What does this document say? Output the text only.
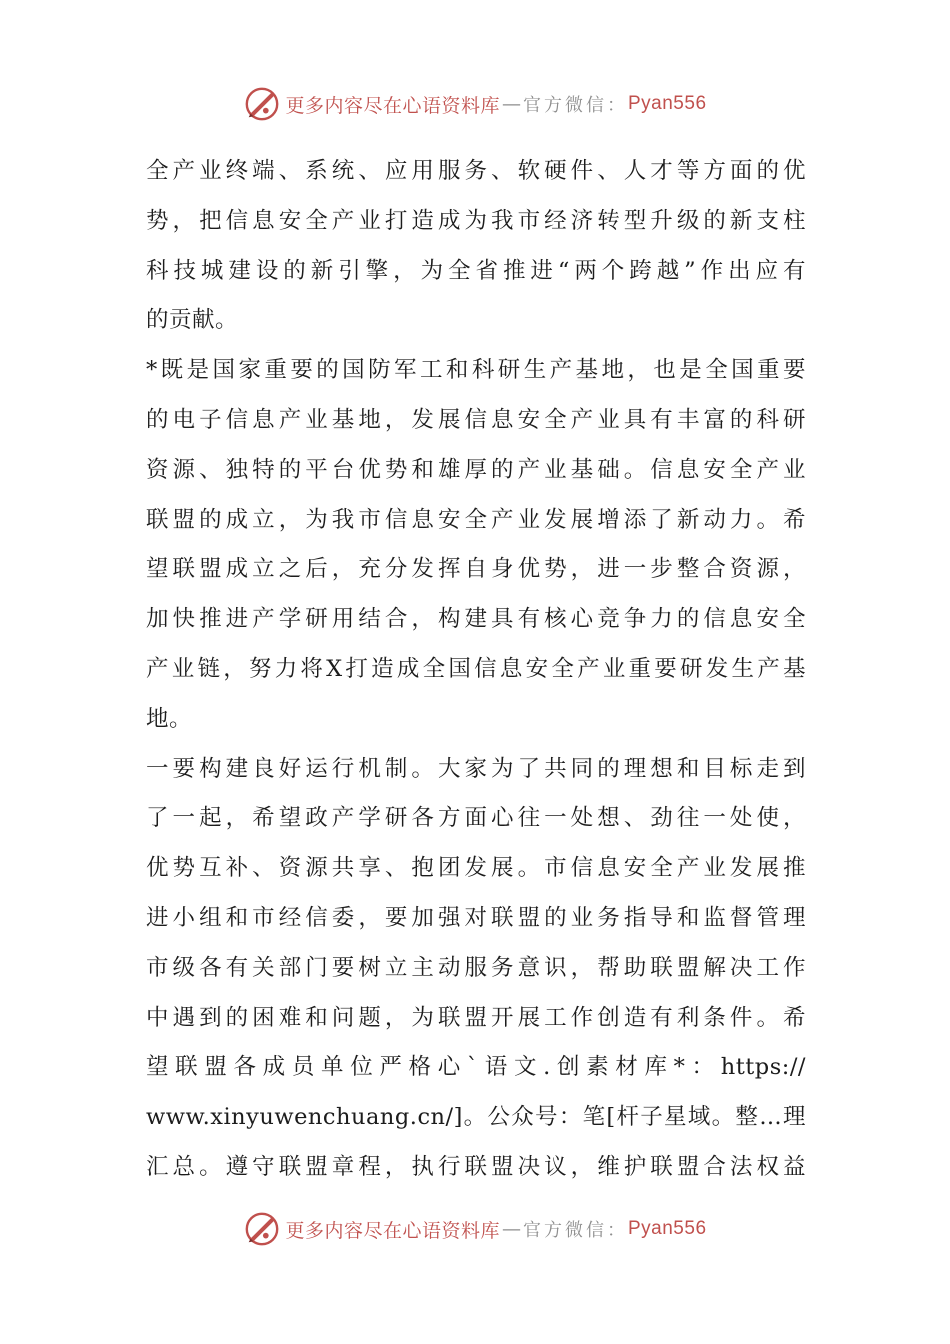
更多内容尽在心语资料库 — 官方微信： Pyan556
全产业终端、系统、应用服务、软硬件、人才等方面的优
势，把信息安全产业打造成为我市经济转型升级的新支柱
科技城建设的新引擎，为全省推进“两个跨越”作出应有
的贡献。
*既是国家重要的国防军工和科研生产基地，也是全国重要
的电子信息产业基地，发展信息安全产业具有丰富的科研
资源、独特的平台优势和雄厚的产业基础。信息安全产业
联盟的成立，为我市信息安全产业发展增添了新动力。希
望联盟成立之后，充分发挥自身优势，进一步整合资源，
加快推进产学研用结合，构建具有核心竞争力的信息安全
产业链，努力将X打造成全国信息安全产业重要研发生产基
地。
一要构建良好运行机制。大家为了共同的理想和目标走到
了一起，希望政产学研各方面心往一处想、劲往一处使，
优势互补、资源共享、抱团发展。市信息安全产业发展推
进小组和市经信委，要加强对联盟的业务指导和监督管理
市级各有关部门要树立主动服务意识，帮助联盟解决工作
中遇到的困难和问题，为联盟开展工作创造有利条件。希
望联盟各成员单位严格心`语文.创素材库*：https://
www.xinyuwenchuang.cn/]。公众号：笔[杆子星域。整…理
汇总。遵守联盟章程，执行联盟决议，维护联盟合法权益
更多内容尽在心语资料库 — 官方微信： Pyan556
